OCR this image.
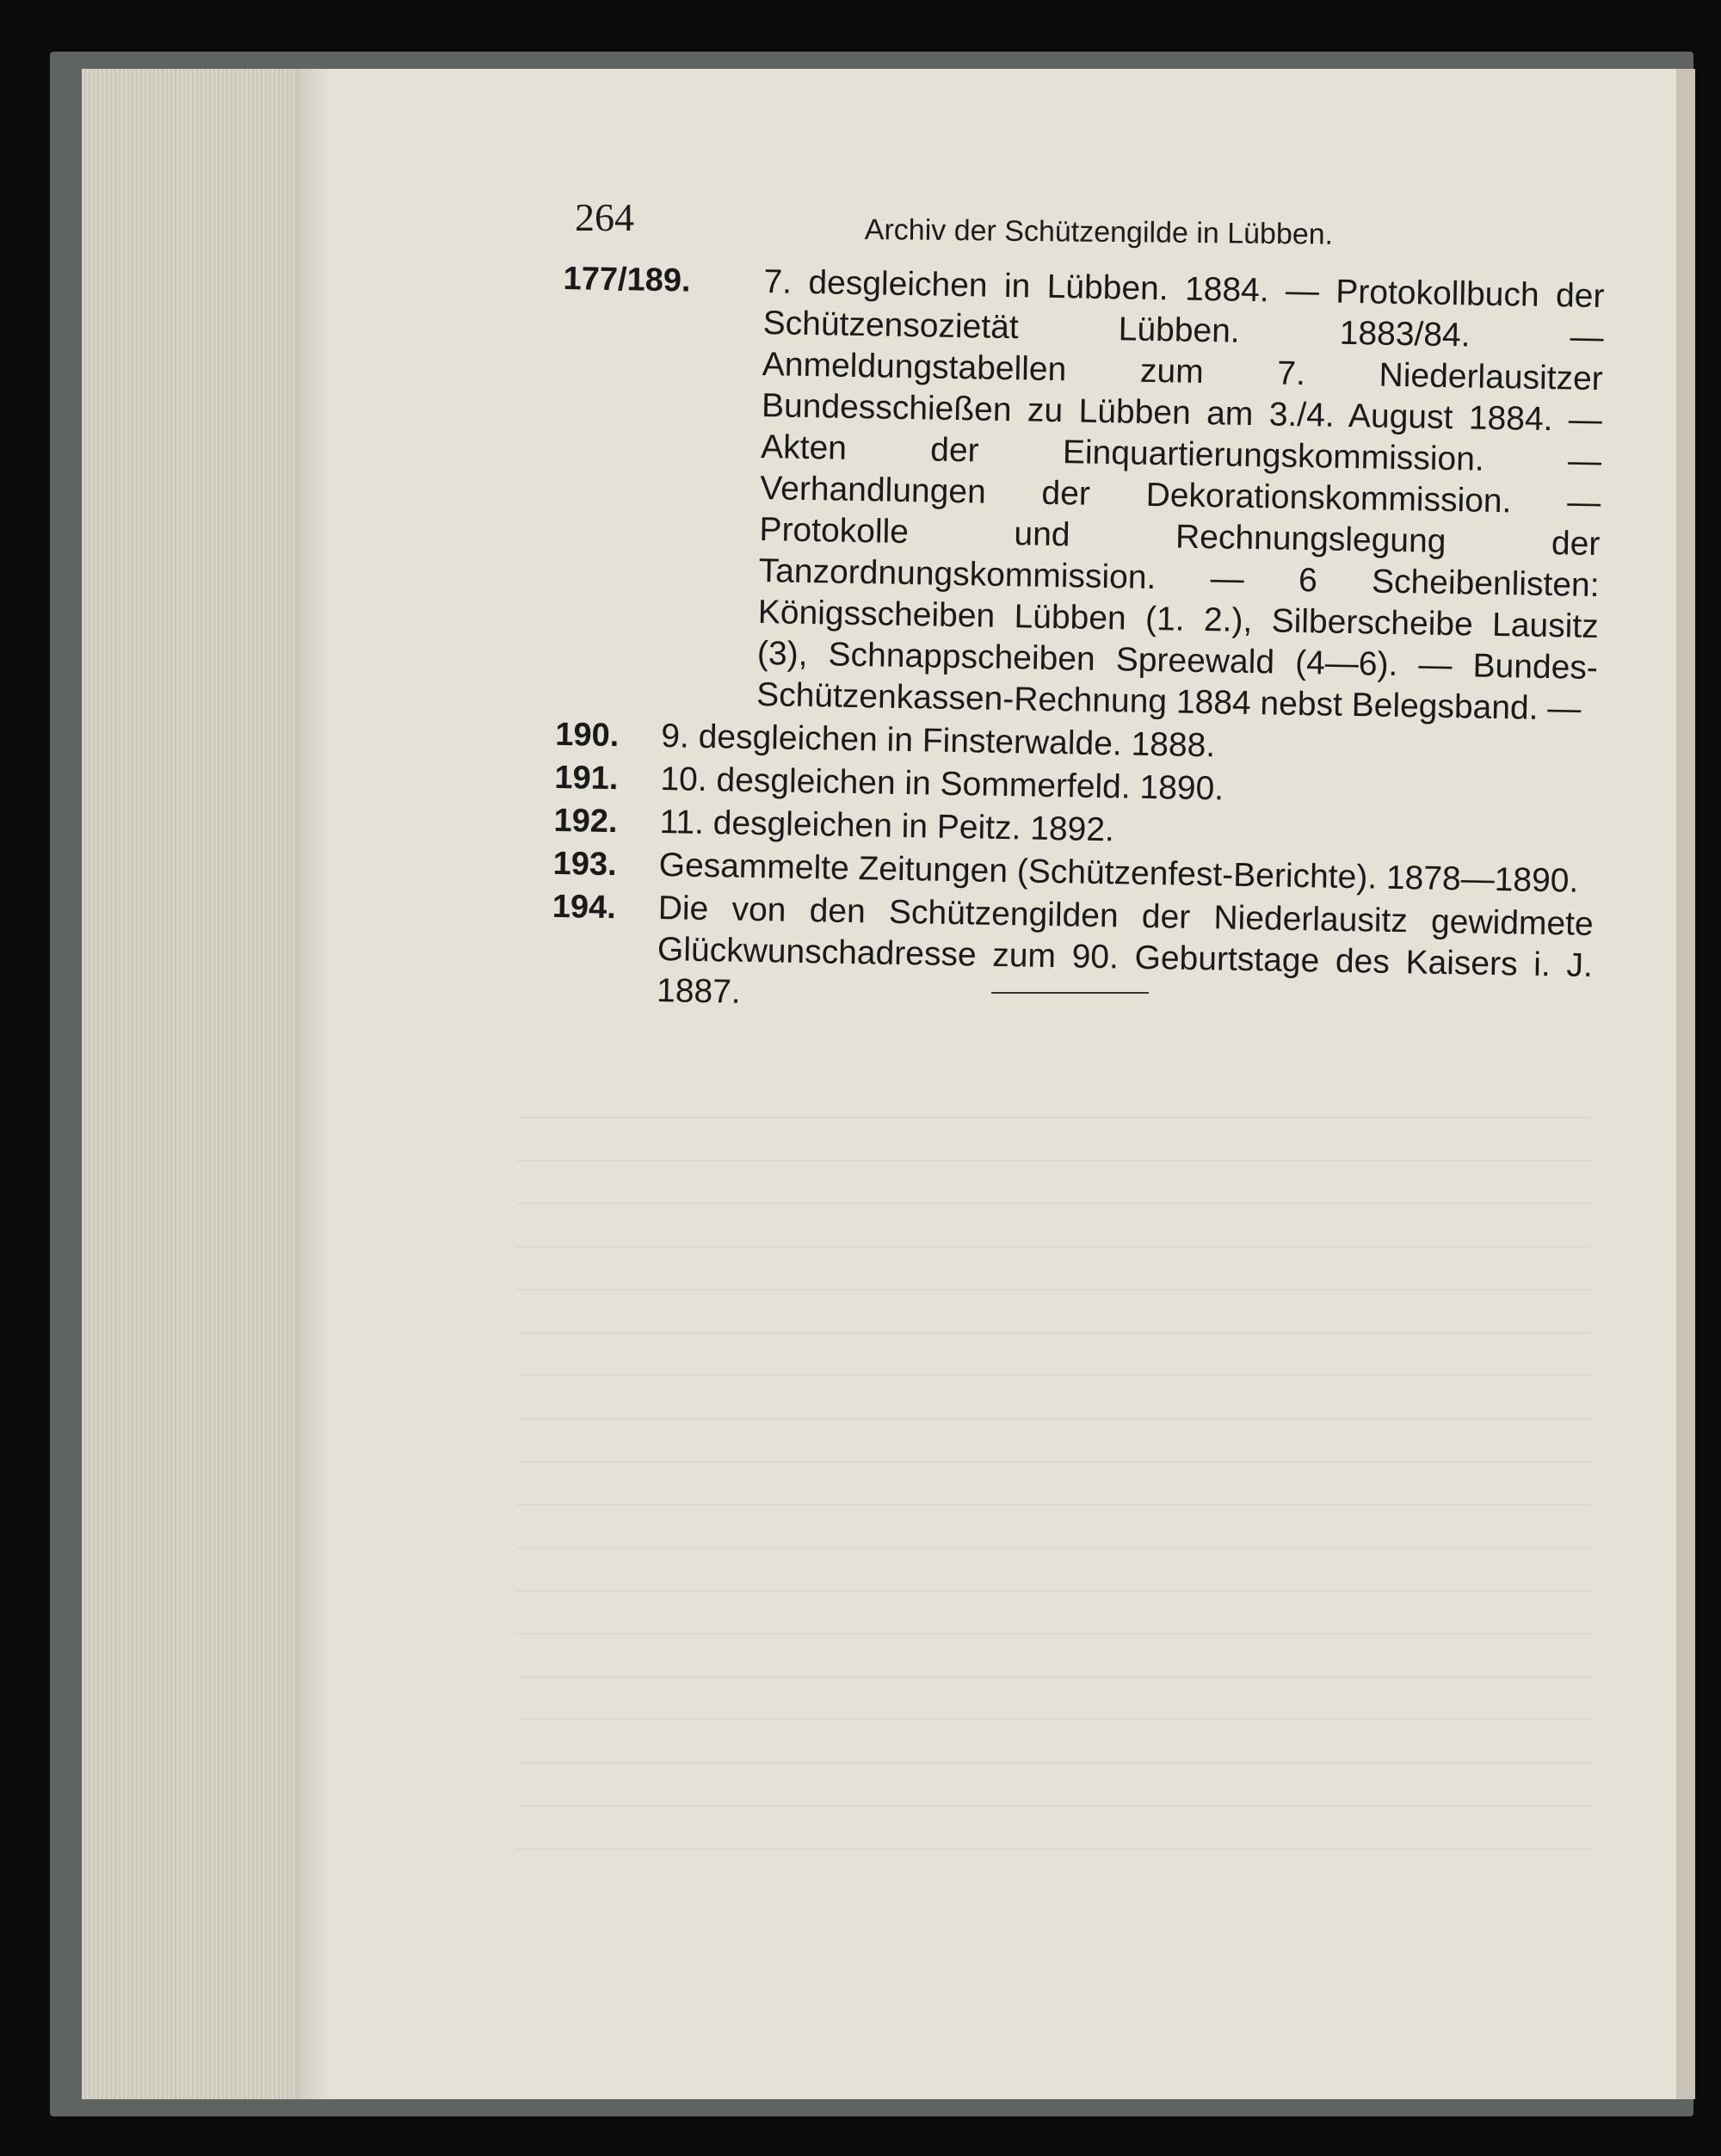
264	Archiv der Schützengilde in Lübben.
177/189. 7. desgleichen in Lübben. 1884. — Protokollbuch der Schützensozietät Lübben. 1883/84. — Anmeldungstabellen zum 7. Niederlausitzer Bundesschießen zu Lübben am 3./4. August 1884. — Akten der Einquartierungskommission. — Verhandlungen der Dekorationskommission. — Protokolle und Rechnungslegung der Tanzordnungskommission. — 6 Scheibenlisten: Königsscheiben Lübben (1. 2.), Silberscheibe Lausitz (3), Schnappscheiben Spreewald (4—6). — Bundes-Schützenkassen-Rechnung 1884 nebst Belegsband. —
190. 9. desgleichen in Finsterwalde. 1888.
191. 10. desgleichen in Sommerfeld. 1890.
192. 11. desgleichen in Peitz. 1892.
193. Gesammelte Zeitungen (Schützenfest-Berichte). 1878—1890.
194. Die von den Schützengilden der Niederlausitz gewidmete Glückwunschadresse zum 90. Geburtstage des Kaisers i. J. 1887.
